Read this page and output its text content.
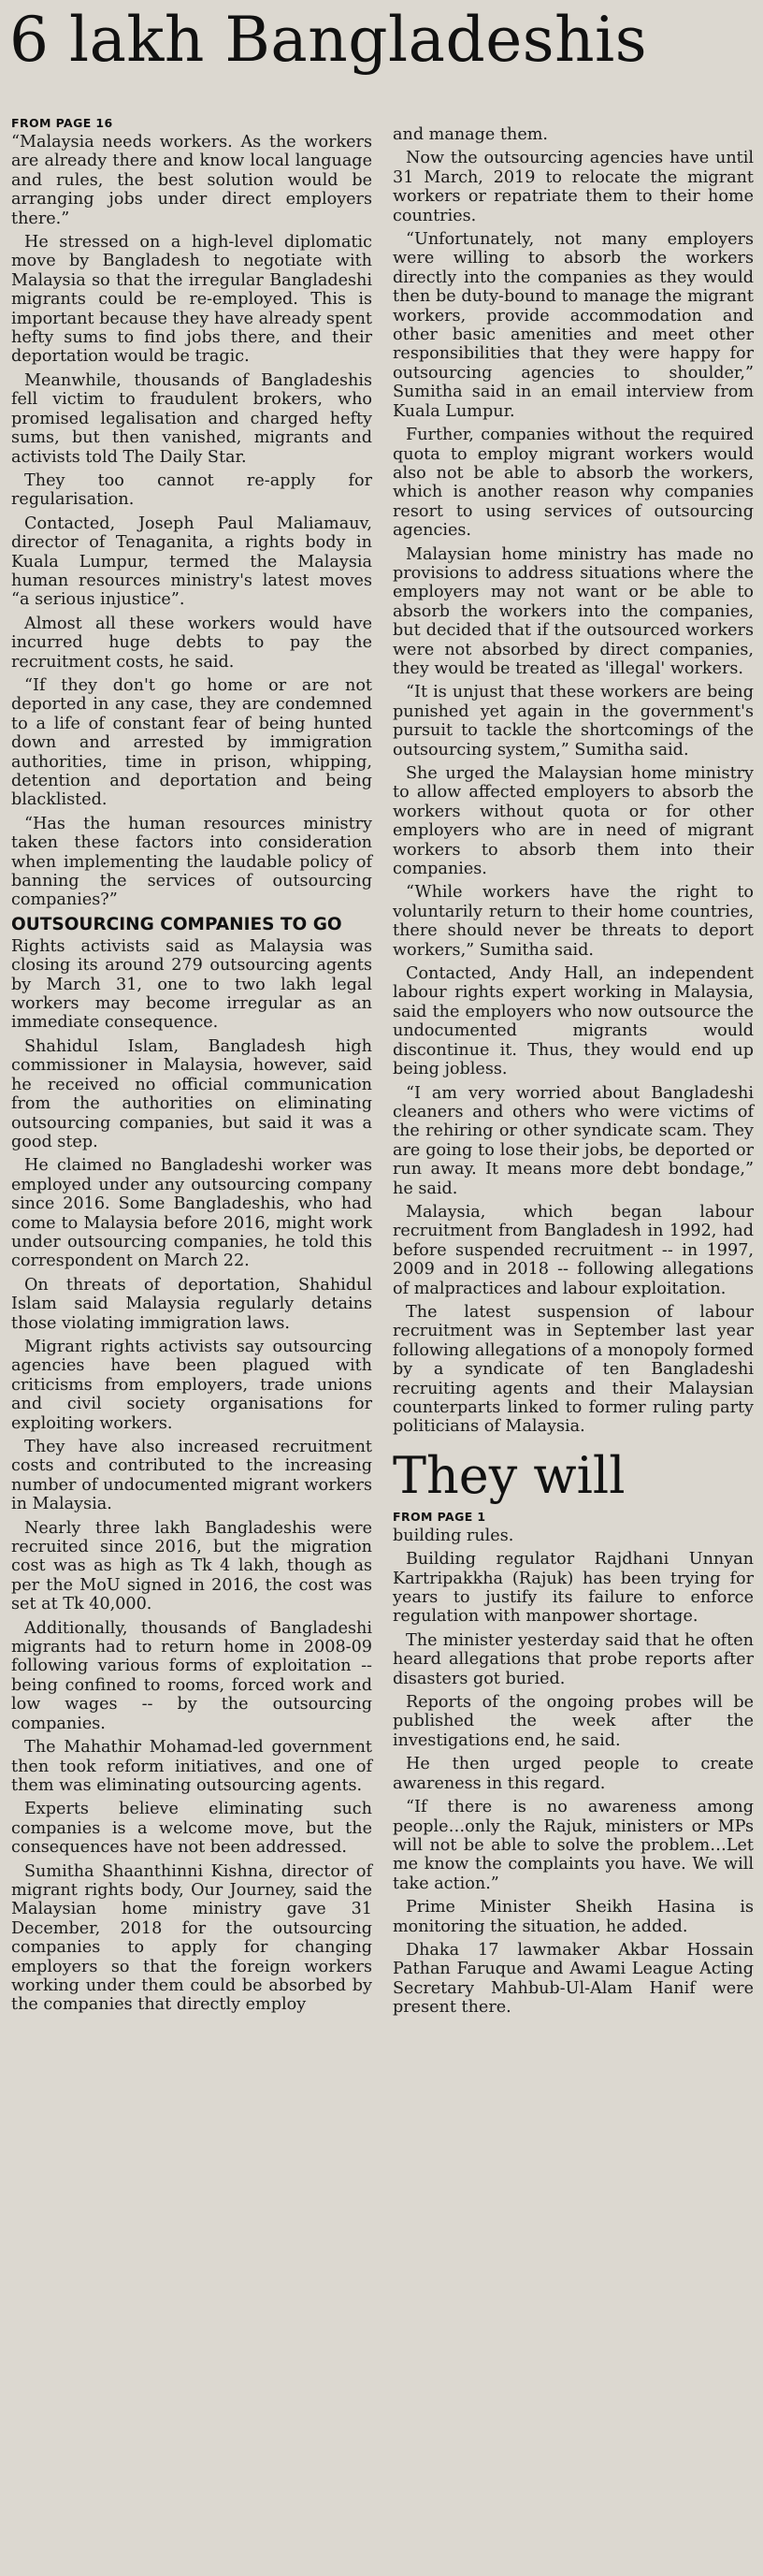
6 lakh Bangladeshis
FROM PAGE 16

“Malaysia needs workers. As the workers are already there and know local language and rules, the best solution would be arranging jobs under direct employers there.”

He stressed on a high-level diplomatic move by Bangladesh to negotiate with Malaysia so that the irregular Bangladeshi migrants could be re-employed. This is important because they have already spent hefty sums to find jobs there, and their deportation would be tragic.

Meanwhile, thousands of Bangladeshis fell victim to fraudulent brokers, who promised legalisation and charged hefty sums, but then vanished, migrants and activists told The Daily Star.

They too cannot re-apply for regularisation.

Contacted, Joseph Paul Maliamauv, director of Tenaganita, a rights body in Kuala Lumpur, termed the Malaysia human resources ministry's latest moves “a serious injustice”.

Almost all these workers would have incurred huge debts to pay the recruitment costs, he said.

“If they don't go home or are not deported in any case, they are condemned to a life of constant fear of being hunted down and arrested by immigration authorities, time in prison, whipping, detention and deportation and being blacklisted.

“Has the human resources ministry taken these factors into consideration when implementing the laudable policy of banning the services of outsourcing companies?”

OUTSOURCING COMPANIES TO GO

Rights activists said as Malaysia was closing its around 279 outsourcing agents by March 31, one to two lakh legal workers may become irregular as an immediate consequence.

Shahidul Islam, Bangladesh high commissioner in Malaysia, however, said he received no official communication from the authorities on eliminating outsourcing companies, but said it was a good step.

He claimed no Bangladeshi worker was employed under any outsourcing company since 2016. Some Bangladeshis, who had come to Malaysia before 2016, might work under outsourcing companies, he told this correspondent on March 22.

On threats of deportation, Shahidul Islam said Malaysia regularly detains those violating immigration laws.

Migrant rights activists say outsourcing agencies have been plagued with criticisms from employers, trade unions and civil society organisations for exploiting workers.

They have also increased recruitment costs and contributed to the increasing number of undocumented migrant workers in Malaysia.

Nearly three lakh Bangladeshis were recruited since 2016, but the migration cost was as high as Tk 4 lakh, though as per the MoU signed in 2016, the cost was set at Tk 40,000.

Additionally, thousands of Bangladeshi migrants had to return home in 2008-09 following various forms of exploitation -- being confined to rooms, forced work and low wages -- by the outsourcing companies.

The Mahathir Mohamad-led government then took reform initiatives, and one of them was eliminating outsourcing agents.

Experts believe eliminating such companies is a welcome move, but the consequences have not been addressed.

Sumitha Shaanthinni Kishna, director of migrant rights body, Our Journey, said the Malaysian home ministry gave 31 December, 2018 for the outsourcing companies to apply for changing employers so that the foreign workers working under them could be absorbed by the companies that directly employ

and manage them.

Now the outsourcing agencies have until 31 March, 2019 to relocate the migrant workers or repatriate them to their home countries.

“Unfortunately, not many employers were willing to absorb the workers directly into the companies as they would then be duty-bound to manage the migrant workers, provide accommodation and other basic amenities and meet other responsibilities that they were happy for outsourcing agencies to shoulder,” Sumitha said in an email interview from Kuala Lumpur.

Further, companies without the required quota to employ migrant workers would also not be able to absorb the workers, which is another reason why companies resort to using services of outsourcing agencies.

Malaysian home ministry has made no provisions to address situations where the employers may not want or be able to absorb the workers into the companies, but decided that if the outsourced workers were not absorbed by direct companies, they would be treated as 'illegal' workers.

“It is unjust that these workers are being punished yet again in the government's pursuit to tackle the shortcomings of the outsourcing system,” Sumitha said.

She urged the Malaysian home ministry to allow affected employers to absorb the workers without quota or for other employers who are in need of migrant workers to absorb them into their companies.

“While workers have the right to voluntarily return to their home countries, there should never be threats to deport workers,” Sumitha said.

Contacted, Andy Hall, an independent labour rights expert working in Malaysia, said the employers who now outsource the undocumented migrants would discontinue it. Thus, they would end up being jobless.

“I am very worried about Bangladeshi cleaners and others who were victims of the rehiring or other syndicate scam. They are going to lose their jobs, be deported or run away. It means more debt bondage,” he said.

Malaysia, which began labour recruitment from Bangladesh in 1992, had before suspended recruitment -- in 1997, 2009 and in 2018 -- following allegations of malpractices and labour exploitation.

The latest suspension of labour recruitment was in September last year following allegations of a monopoly formed by a syndicate of ten Bangladeshi recruiting agents and their Malaysian counterparts linked to former ruling party politicians of Malaysia.

They will
FROM PAGE 1

building rules.

Building regulator Rajdhani Unnyan Kartripakkha (Rajuk) has been trying for years to justify its failure to enforce regulation with manpower shortage.

The minister yesterday said that he often heard allegations that probe reports after disasters got buried.

Reports of the ongoing probes will be published the week after the investigations end, he said.

He then urged people to create awareness in this regard.

“If there is no awareness among people…only the Rajuk, ministers or MPs will not be able to solve the problem…Let me know the complaints you have. We will take action.”

Prime Minister Sheikh Hasina is monitoring the situation, he added.

Dhaka 17 lawmaker Akbar Hossain Pathan Faruque and Awami League Acting Secretary Mahbub-Ul-Alam Hanif were present there.
